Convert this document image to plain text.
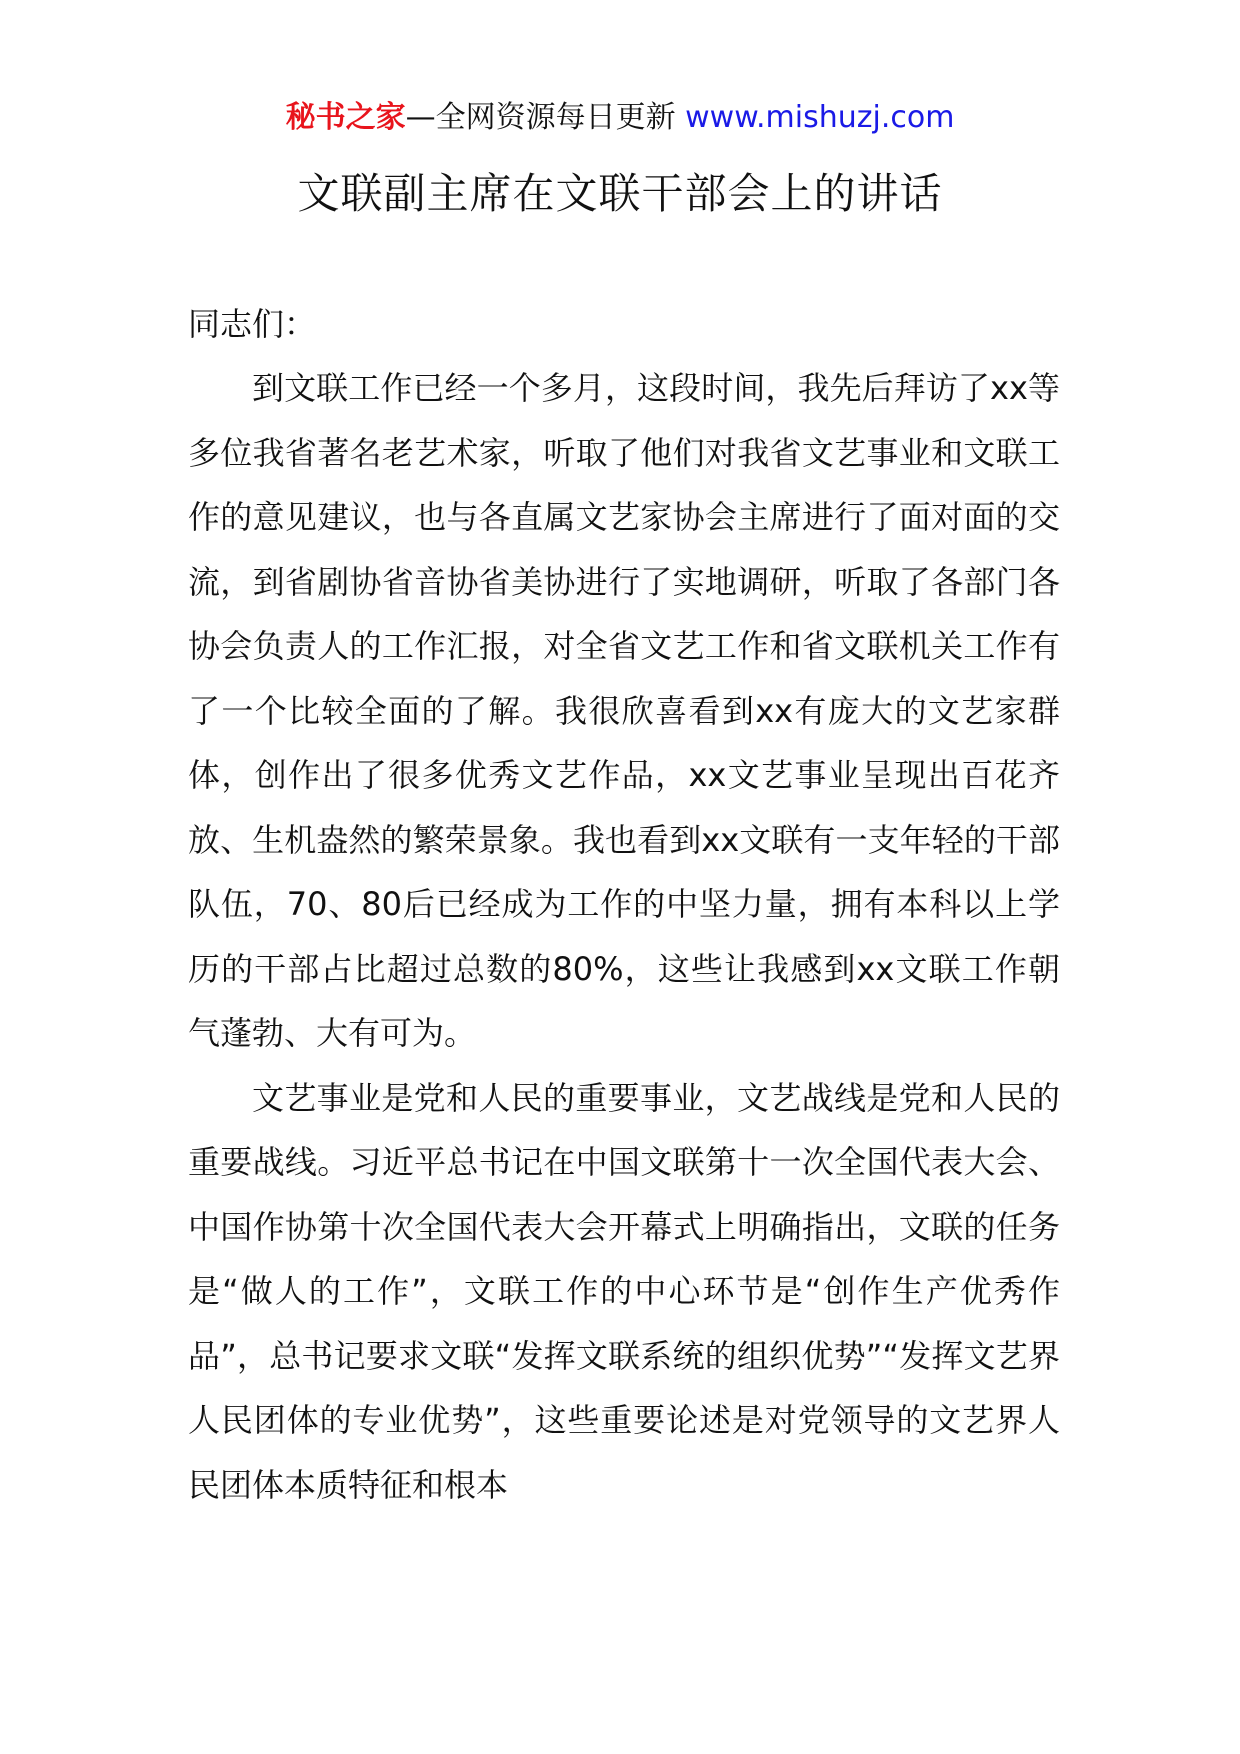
秘书之家—全网资源每日更新 www.mishuzj.com
文联副主席在文联干部会上的讲话

同志们：

到文联工作已经一个多月，这段时间，我先后拜访了xx等多位我省著名老艺术家，听取了他们对我省文艺事业和文联工作的意见建议，也与各直属文艺家协会主席进行了面对面的交流，到省剧协省音协省美协进行了实地调研，听取了各部门各协会负责人的工作汇报，对全省文艺工作和省文联机关工作有了一个比较全面的了解。我很欣喜看到xx有庞大的文艺家群体，创作出了很多优秀文艺作品，xx文艺事业呈现出百花齐放、生机盎然的繁荣景象。我也看到xx文联有一支年轻的干部队伍，70、80后已经成为工作的中坚力量，拥有本科以上学历的干部占比超过总数的80%，这些让我感到xx文联工作朝气蓬勃、大有可为。

文艺事业是党和人民的重要事业，文艺战线是党和人民的重要战线。习近平总书记在中国文联第十一次全国代表大会、中国作协第十次全国代表大会开幕式上明确指出，文联的任务是“做人的工作”，文联工作的中心环节是“创作生产优秀作品”，总书记要求文联“发挥文联系统的组织优势”“发挥文艺界人民团体的专业优势”，这些重要论述是对党领导的文艺界人民团体本质特征和根本
